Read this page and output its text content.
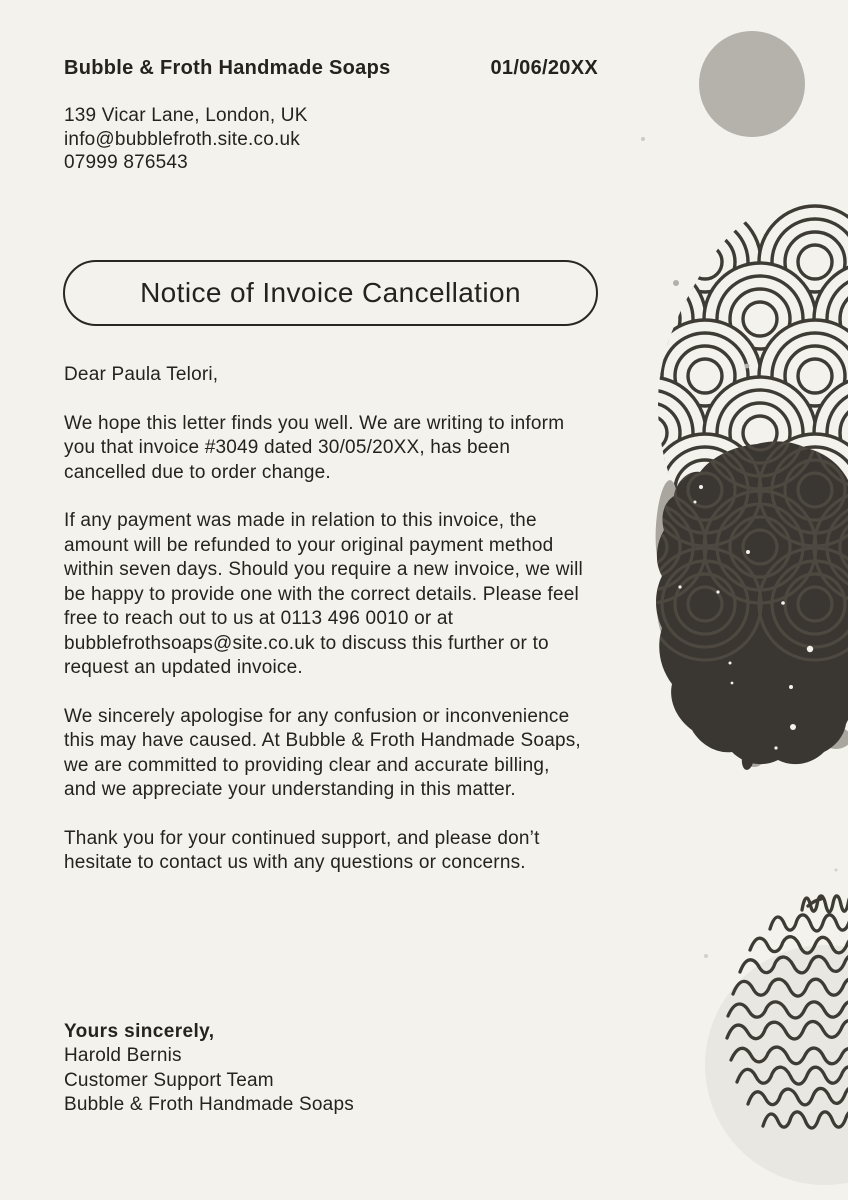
Bubble & Froth Handmade Soaps	01/06/20XX
139 Vicar Lane, London, UK
info@bubblefroth.site.co.uk
07999 876543
Notice of Invoice Cancellation
Dear Paula Telori,
We hope this letter finds you well. We are writing to inform
you that invoice #3049 dated 30/05/20XX, has been
cancelled due to order change.
If any payment was made in relation to this invoice, the
amount will be refunded to your original payment method
within seven days. Should you require a new invoice, we will
be happy to provide one with the correct details. Please feel
free to reach out to us at 0113 496 0010 or at
bubblefrothsoaps@site.co.uk to discuss this further or to
request an updated invoice.
We sincerely apologise for any confusion or inconvenience
this may have caused. At Bubble & Froth Handmade Soaps,
we are committed to providing clear and accurate billing,
and we appreciate your understanding in this matter.
Thank you for your continued support, and please don’t
hesitate to contact us with any questions or concerns.
Yours sincerely,
Harold Bernis
Customer Support Team
Bubble & Froth Handmade Soaps
